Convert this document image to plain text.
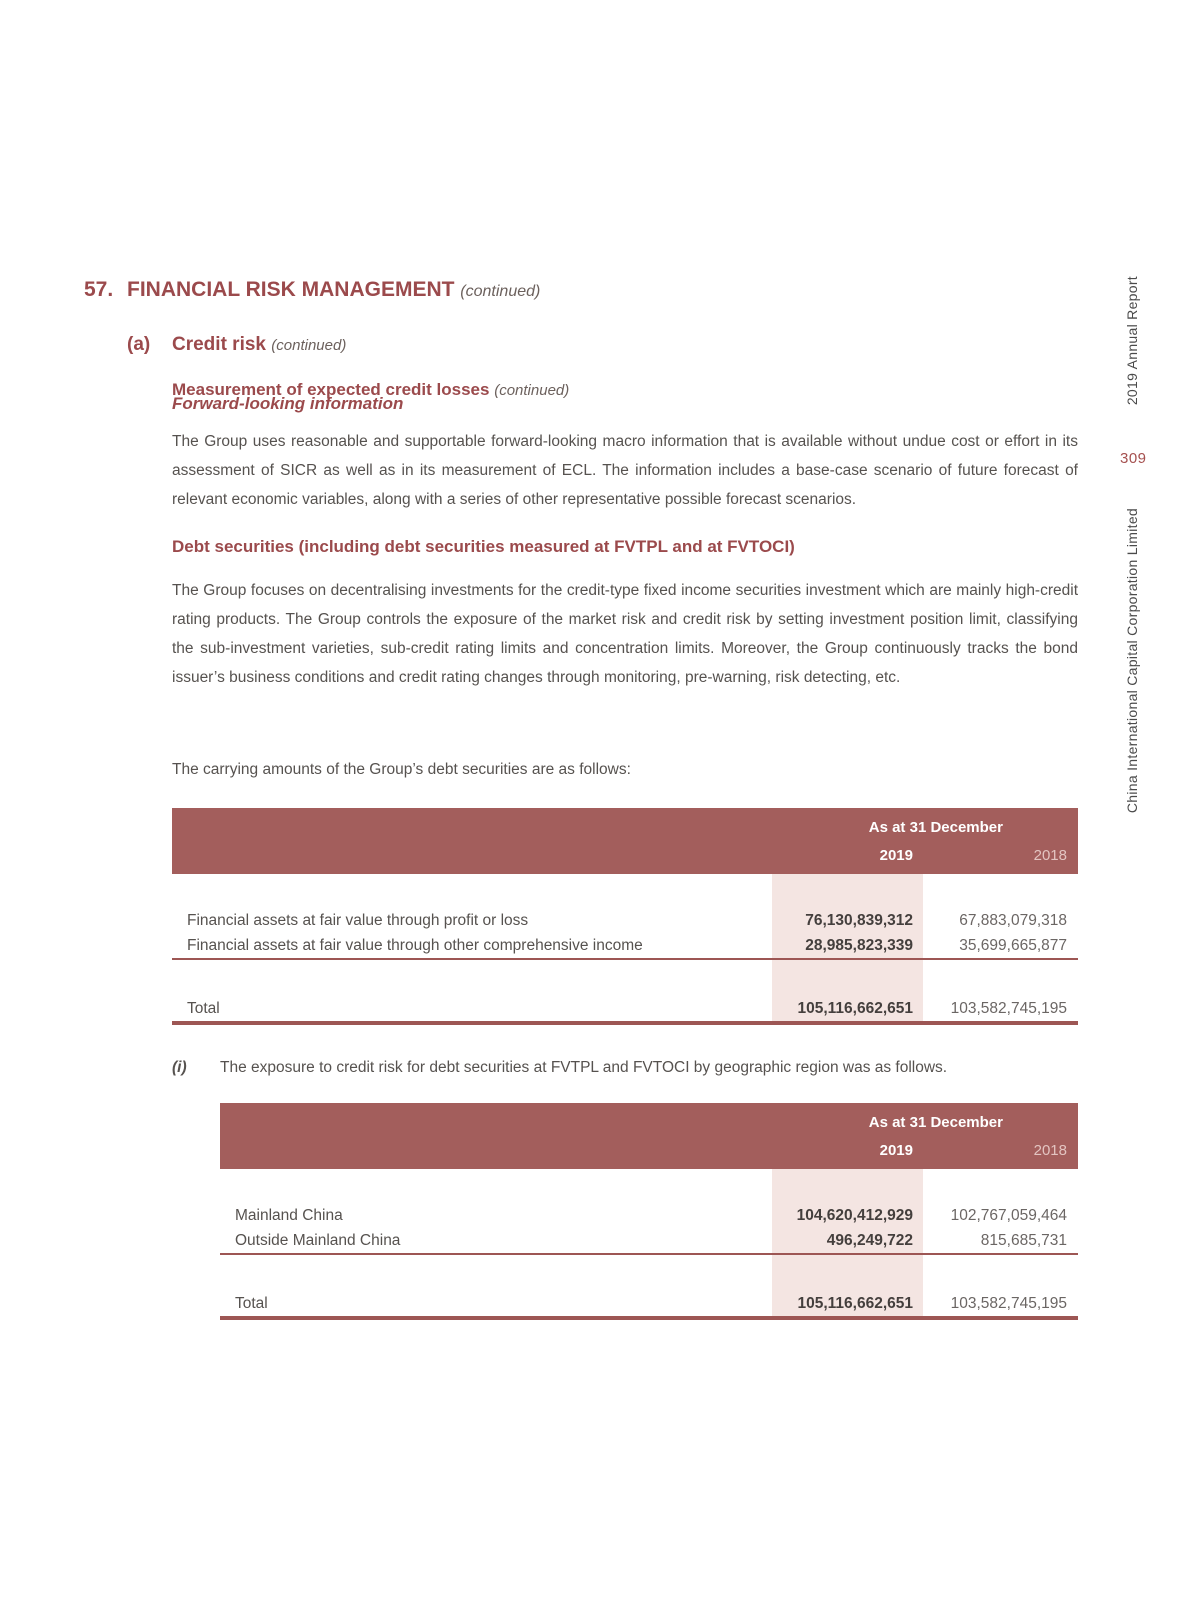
57. FINANCIAL RISK MANAGEMENT (continued)
(a) Credit risk (continued)
Measurement of expected credit losses (continued)
Forward-looking information
The Group uses reasonable and supportable forward-looking macro information that is available without undue cost or effort in its assessment of SICR as well as in its measurement of ECL. The information includes a base-case scenario of future forecast of relevant economic variables, along with a series of other representative possible forecast scenarios.
Debt securities (including debt securities measured at FVTPL and at FVTOCI)
The Group focuses on decentralising investments for the credit-type fixed income securities investment which are mainly high-credit rating products. The Group controls the exposure of the market risk and credit risk by setting investment position limit, classifying the sub-investment varieties, sub-credit rating limits and concentration limits. Moreover, the Group continuously tracks the bond issuer’s business conditions and credit rating changes through monitoring, pre-warning, risk detecting, etc.
The carrying amounts of the Group’s debt securities are as follows:
As at 31 December
2019	2018
Financial assets at fair value through profit or loss	76,130,839,312	67,883,079,318
Financial assets at fair value through other comprehensive income	28,985,823,339	35,699,665,877
Total	105,116,662,651	103,582,745,195
(i) The exposure to credit risk for debt securities at FVTPL and FVTOCI by geographic region was as follows.
As at 31 December
2019	2018
Mainland China	104,620,412,929	102,767,059,464
Outside Mainland China	496,249,722	815,685,731
Total	105,116,662,651	103,582,745,195
2019 Annual Report
309
China International Capital Corporation Limited
